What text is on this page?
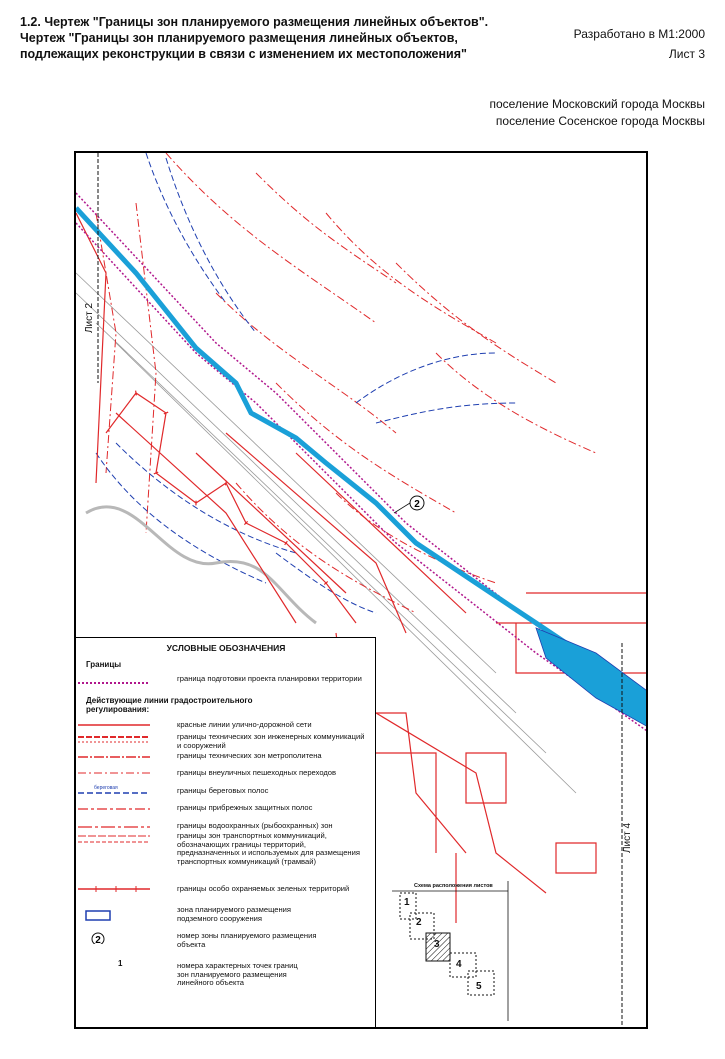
1.2. Чертеж "Границы зон планируемого размещения линейных объектов".
Чертеж "Границы зон планируемого размещения линейных объектов,
подлежащих реконструкции в связи с изменением их местоположения"
Разработано в М1:2000
Лист 3
поселение Московский города Москвы
поселение Сосенское города Москвы
2
Лист 2
Лист 4
УСЛОВНЫЕ ОБОЗНАЧЕНИЯ
Границы
граница подготовки проекта планировки территории
Действующие линии градостроительного регулирования:
красные линии улично-дорожной сети
границы технических зон инженерных коммуникаций и сооружений
границы технических зон метрополитена
границы внеуличных пешеходных переходов
береговая	границы береговых полос
границы прибрежных защитных полос
границы водоохранных (рыбоохранных) зон
границы зон транспортных коммуникаций, обозначающих границы территорий, предназначенных и используемых для размещения транспортных коммуникаций (трамвай)
границы особо охраняемых зеленых территорий
зона планируемого размещения подземного сооружения
2	номер зоны планируемого размещения объекта
1	номера характерных точек границ зон планируемого размещения линейного объекта
Схема расположения листов
1
2
3
4
5
